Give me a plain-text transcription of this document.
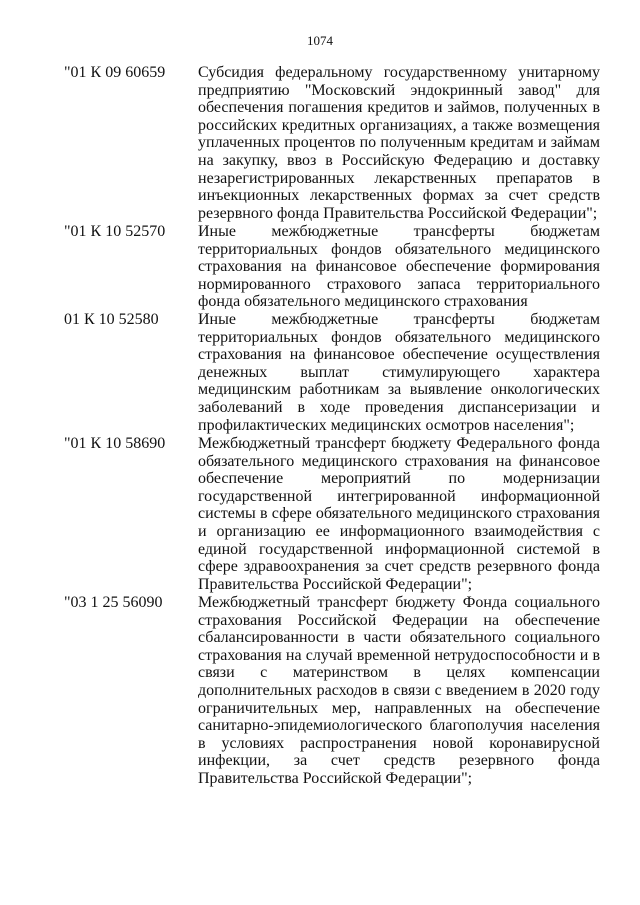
1074
"01 К 09 60659	Субсидия федеральному государственному унитарному предприятию "Московский эндокринный завод" для обеспечения погашения кредитов и займов, полученных в российских кредитных организациях, а также возмещения уплаченных процентов по полученным кредитам и займам на закупку, ввоз в Российскую Федерацию и доставку незарегистрированных лекарственных препаратов в инъекционных лекарственных формах за счет средств резервного фонда Правительства Российской Федерации";
"01 К 10 52570	Иные межбюджетные трансферты бюджетам территориальных фондов обязательного медицинского страхования на финансовое обеспечение формирования нормированного страхового запаса территориального фонда обязательного медицинского страхования
01 К 10 52580	Иные межбюджетные трансферты бюджетам территориальных фондов обязательного медицинского страхования на финансовое обеспечение осуществления денежных выплат стимулирующего характера медицинским работникам за выявление онкологических заболеваний в ходе проведения диспансеризации и профилактических медицинских осмотров населения";
"01 К 10 58690	Межбюджетный трансферт бюджету Федерального фонда обязательного медицинского страхования на финансовое обеспечение мероприятий по модернизации государственной интегрированной информационной системы в сфере обязательного медицинского страхования и организацию ее информационного взаимодействия с единой государственной информационной системой в сфере здравоохранения за счет средств резервного фонда Правительства Российской Федерации";
"03 1 25 56090	Межбюджетный трансферт бюджету Фонда социального страхования Российской Федерации на обеспечение сбалансированности в части обязательного социального страхования на случай временной нетрудоспособности и в связи с материнством в целях компенсации дополнительных расходов в связи с введением в 2020 году ограничительных мер, направленных на обеспечение санитарно-эпидемиологического благополучия населения в условиях распространения новой коронавирусной инфекции, за счет средств резервного фонда Правительства Российской Федерации";
